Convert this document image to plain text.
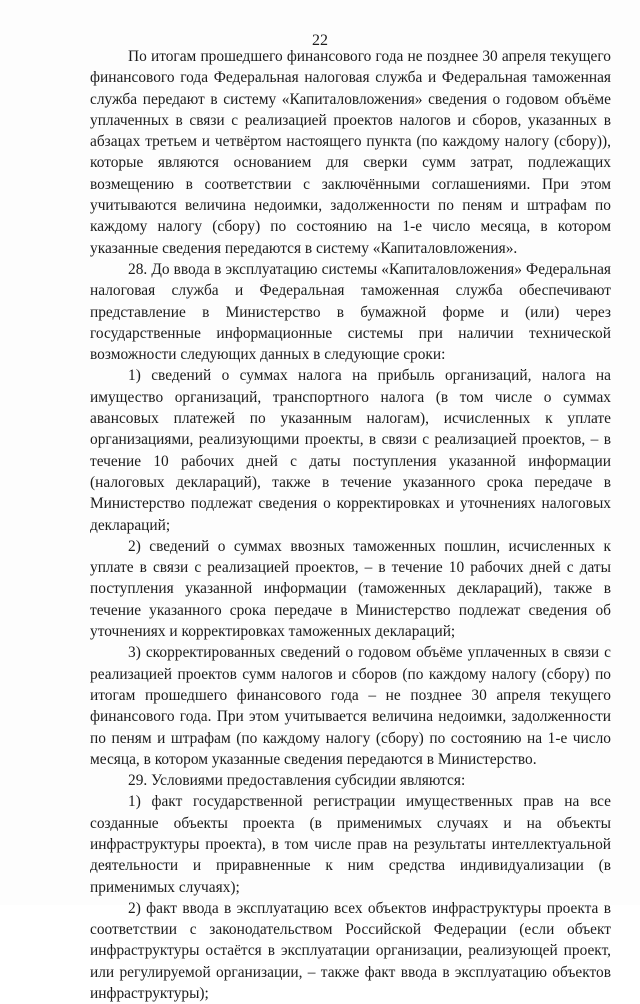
22

По итогам прошедшего финансового года не позднее 30 апреля текущего финансового года Федеральная налоговая служба и Федеральная таможенная служба передают в систему «Капиталовложения» сведения о годовом объёме уплаченных в связи с реализацией проектов налогов и сборов, указанных в абзацах третьем и четвёртом настоящего пункта (по каждому налогу (сбору)), которые являются основанием для сверки сумм затрат, подлежащих возмещению в соответствии с заключёнными соглашениями. При этом учитываются величина недоимки, задолженности по пеням и штрафам по каждому налогу (сбору) по состоянию на 1-е число месяца, в котором указанные сведения передаются в систему «Капиталовложения».

28. До ввода в эксплуатацию системы «Капиталовложения» Федеральная налоговая служба и Федеральная таможенная служба обеспечивают представление в Министерство в бумажной форме и (или) через государственные информационные системы при наличии технической возможности следующих данных в следующие сроки:

1) сведений о суммах налога на прибыль организаций, налога на имущество организаций, транспортного налога (в том числе о суммах авансовых платежей по указанным налогам), исчисленных к уплате организациями, реализующими проекты, в связи с реализацией проектов, – в течение 10 рабочих дней с даты поступления указанной информации (налоговых деклараций), также в течение указанного срока передаче в Министерство подлежат сведения о корректировках и уточнениях налоговых деклараций;

2) сведений о суммах ввозных таможенных пошлин, исчисленных к уплате в связи с реализацией проектов, – в течение 10 рабочих дней с даты поступления указанной информации (таможенных деклараций), также в течение указанного срока передаче в Министерство подлежат сведения об уточнениях и корректировках таможенных деклараций;

3) скорректированных сведений о годовом объёме уплаченных в связи с реализацией проектов сумм налогов и сборов (по каждому налогу (сбору) по итогам прошедшего финансового года – не позднее 30 апреля текущего финансового года. При этом учитывается величина недоимки, задолженности по пеням и штрафам (по каждому налогу (сбору) по состоянию на 1-е число месяца, в котором указанные сведения передаются в Министерство.

29. Условиями предоставления субсидии являются:

1) факт государственной регистрации имущественных прав на все созданные объекты проекта (в применимых случаях и на объекты инфраструктуры проекта), в том числе прав на результаты интеллектуальной деятельности и приравненные к ним средства индивидуализации (в применимых случаях);

2) факт ввода в эксплуатацию всех объектов инфраструктуры проекта в соответствии с законодательством Российской Федерации (если объект инфраструктуры остаётся в эксплуатации организации, реализующей проект, или регулируемой организации, – также факт ввода в эксплуатацию объектов инфраструктуры);
